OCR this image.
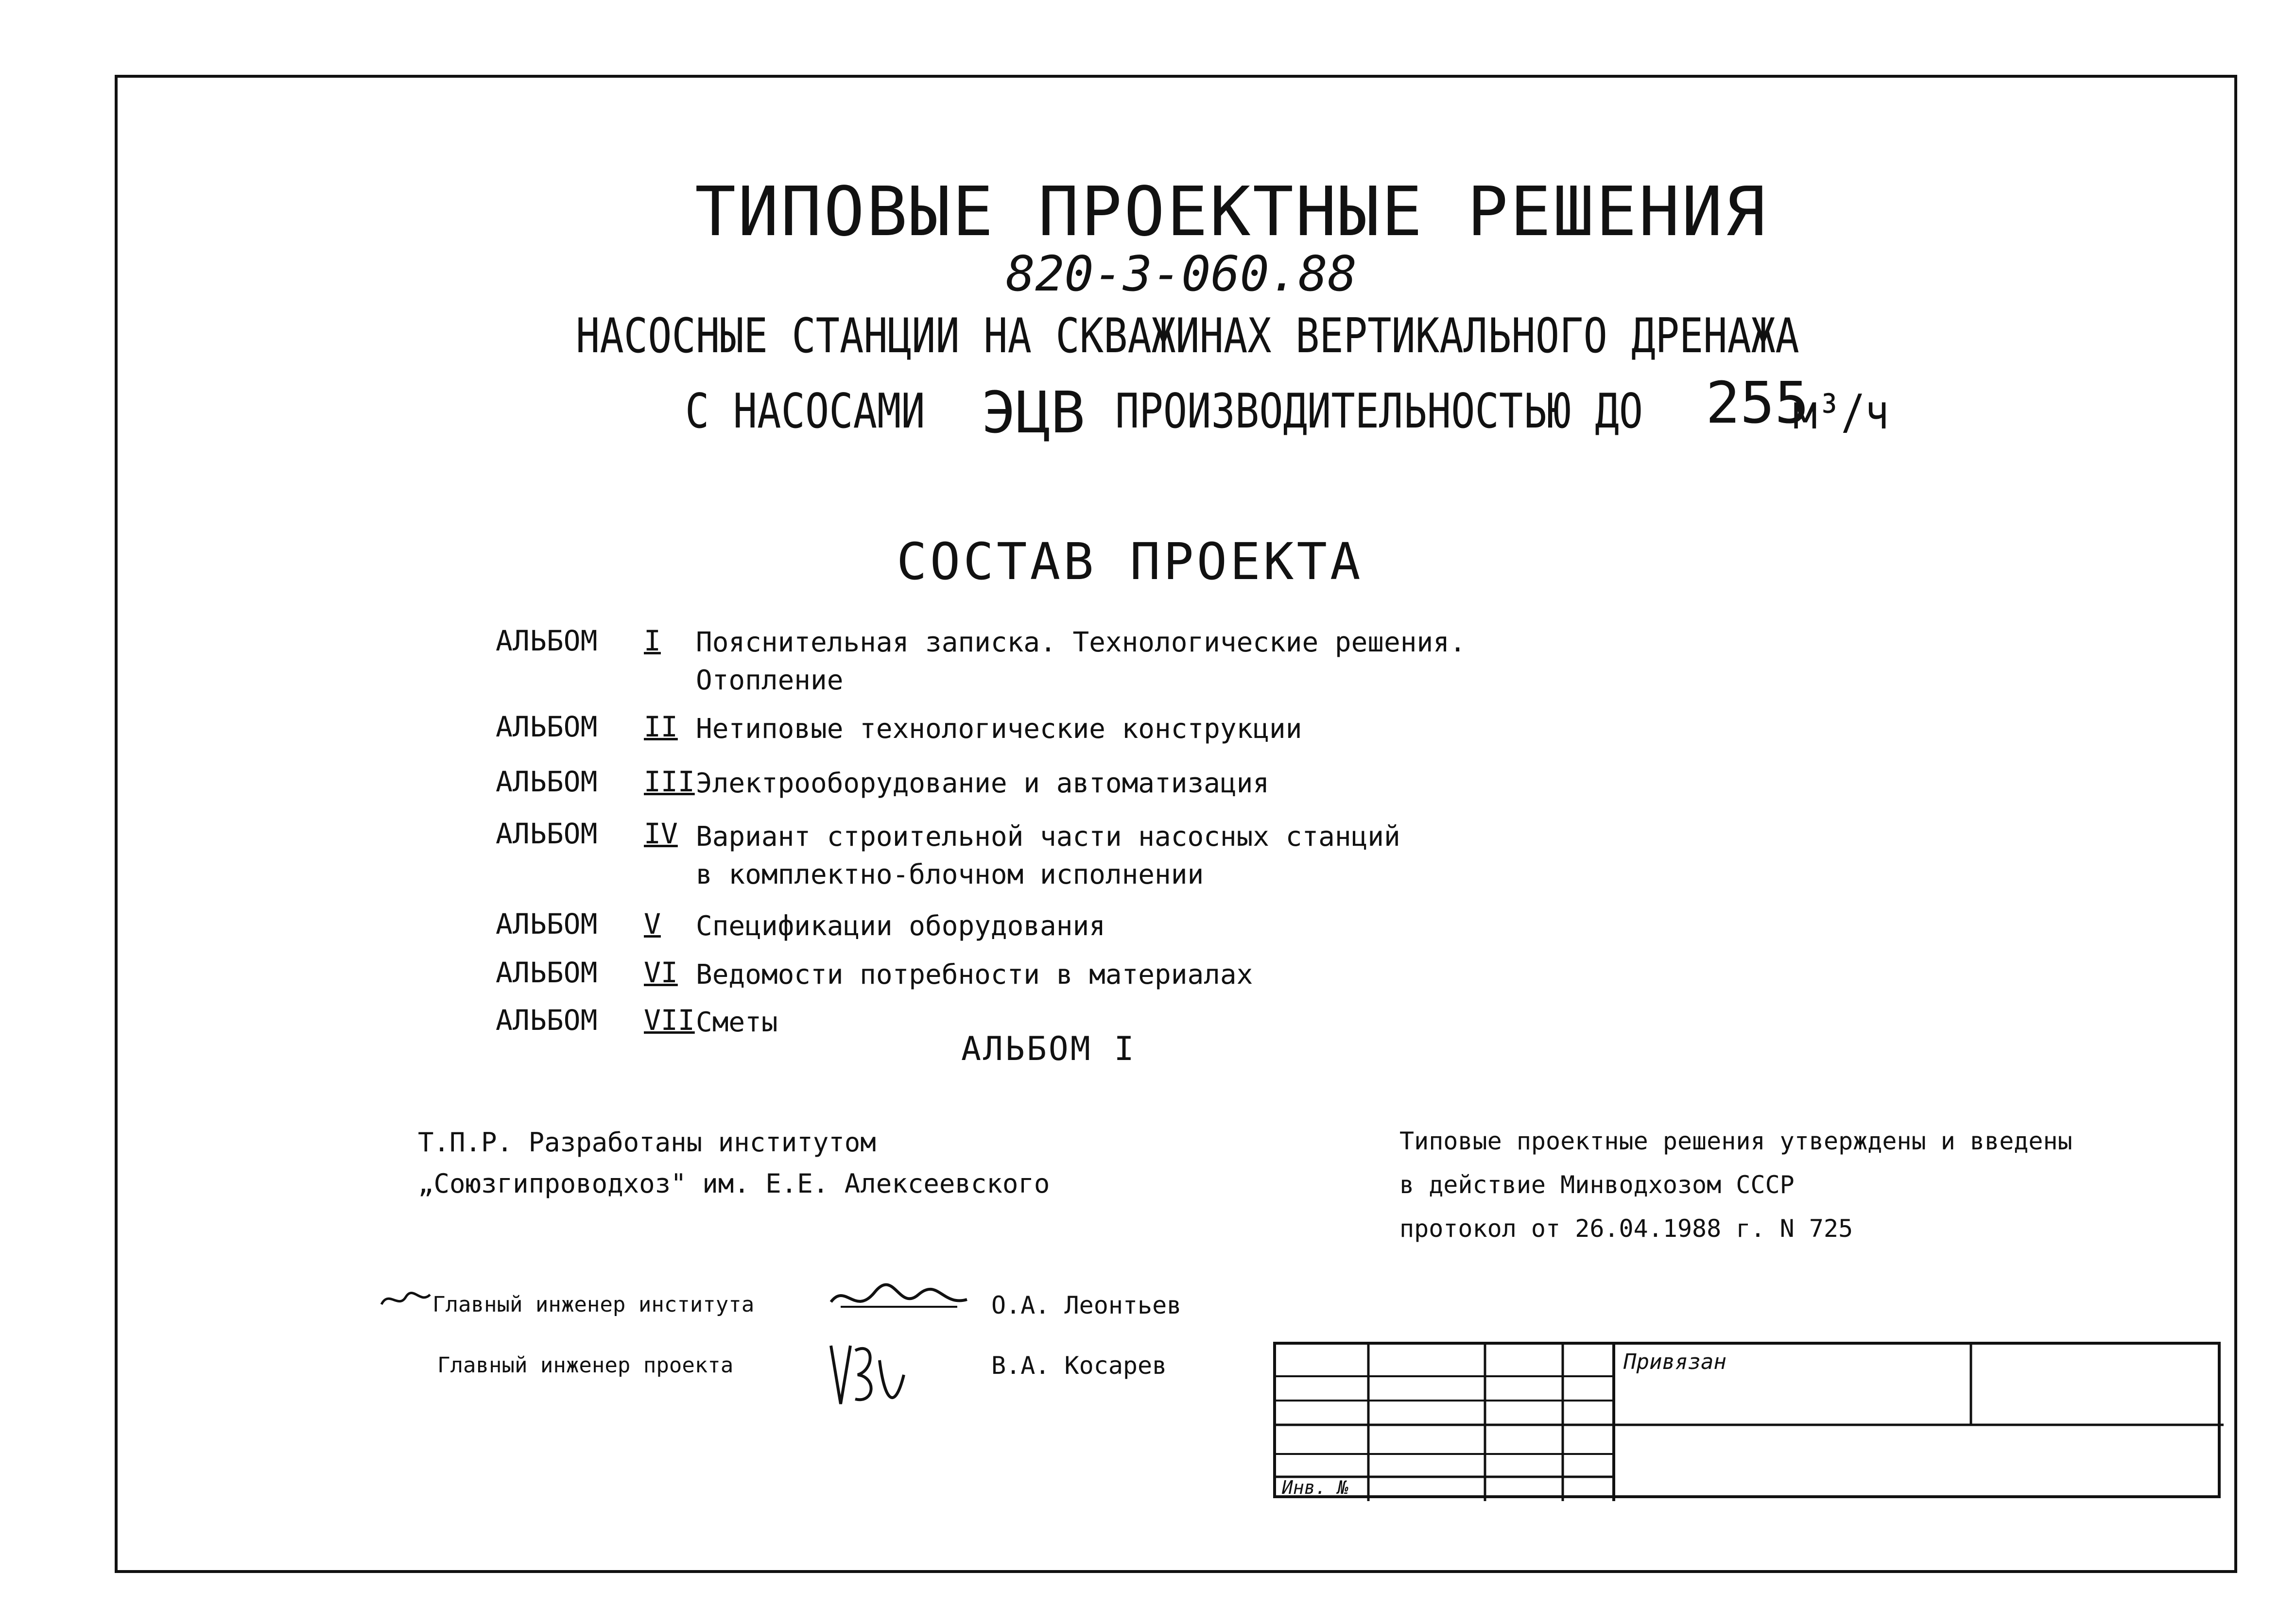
ТИПОВЫЕ ПРОЕКТНЫЕ РЕШЕНИЯ
820-3-060.88
НАСОСНЫЕ СТАНЦИИ НА СКВАЖИНАХ ВЕРТИКАЛЬНОГО ДРЕНАЖА
С НАСОСАМИ ЭЦВ ПРОИЗВОДИТЕЛЬНОСТЬЮ ДО 255
м³/ч
СОСТАВ ПРОЕКТА
АЛЬБОМ I Пояснительная записка. Технологические решения.
Отопление
АЛЬБОМ II Нетиповые технологические конструкции
АЛЬБОМ III Электрооборудование и автоматизация
АЛЬБОМ IV Вариант строительной части насосных станций
в комплектно-блочном исполнении
АЛЬБОМ V Спецификации оборудования
АЛЬБОМ VI Ведомости потребности в материалах
АЛЬБОМ VII Сметы
АЛЬБОМ I
Т.П.Р. Разработаны институтом
„Союзгипроводхоз" им. Е.Е. Алексеевского
Типовые проектные решения утверждены и введены
в действие Минводхозом СССР
протокол от 26.04.1988 г. N 725
Главный инженер института	О.А. Леонтьев
Главный инженер проекта	В.А. Косарев	Привязан
Инв. №
